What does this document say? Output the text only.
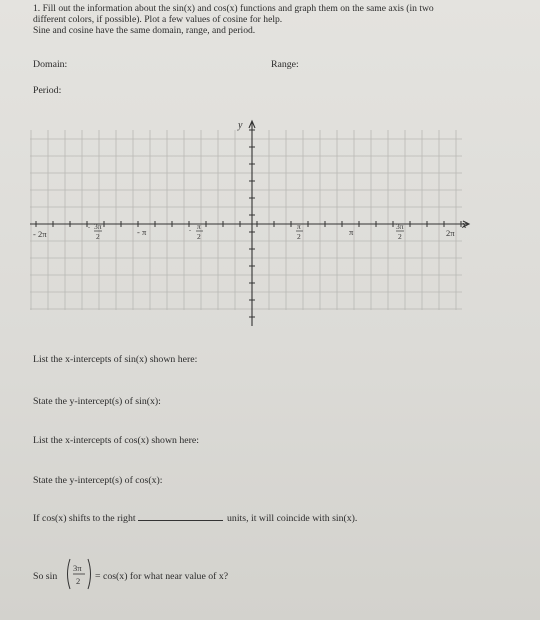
1. Fill out the information about the sin(x) and cos(x) functions and graph them on the same axis (in two
different colors, if possible). Plot a few values of cosine for help.
Sine and cosine have the same domain, range, and period.
Domain:	Range:
Period:
y
x
- 2π
- 3π
2	- π	- π
2
π
2	π
3π
2	2π
List the x-intercepts of sin(x) shown here:
State the y-intercept(s) of sin(x):
List the x-intercepts of cos(x) shown here:
State the y-intercept(s) of cos(x):
If cos(x) shifts to the right	units, it will coincide with sin(x).
So sin
3π
2 = cos(x) for what near value of x?
